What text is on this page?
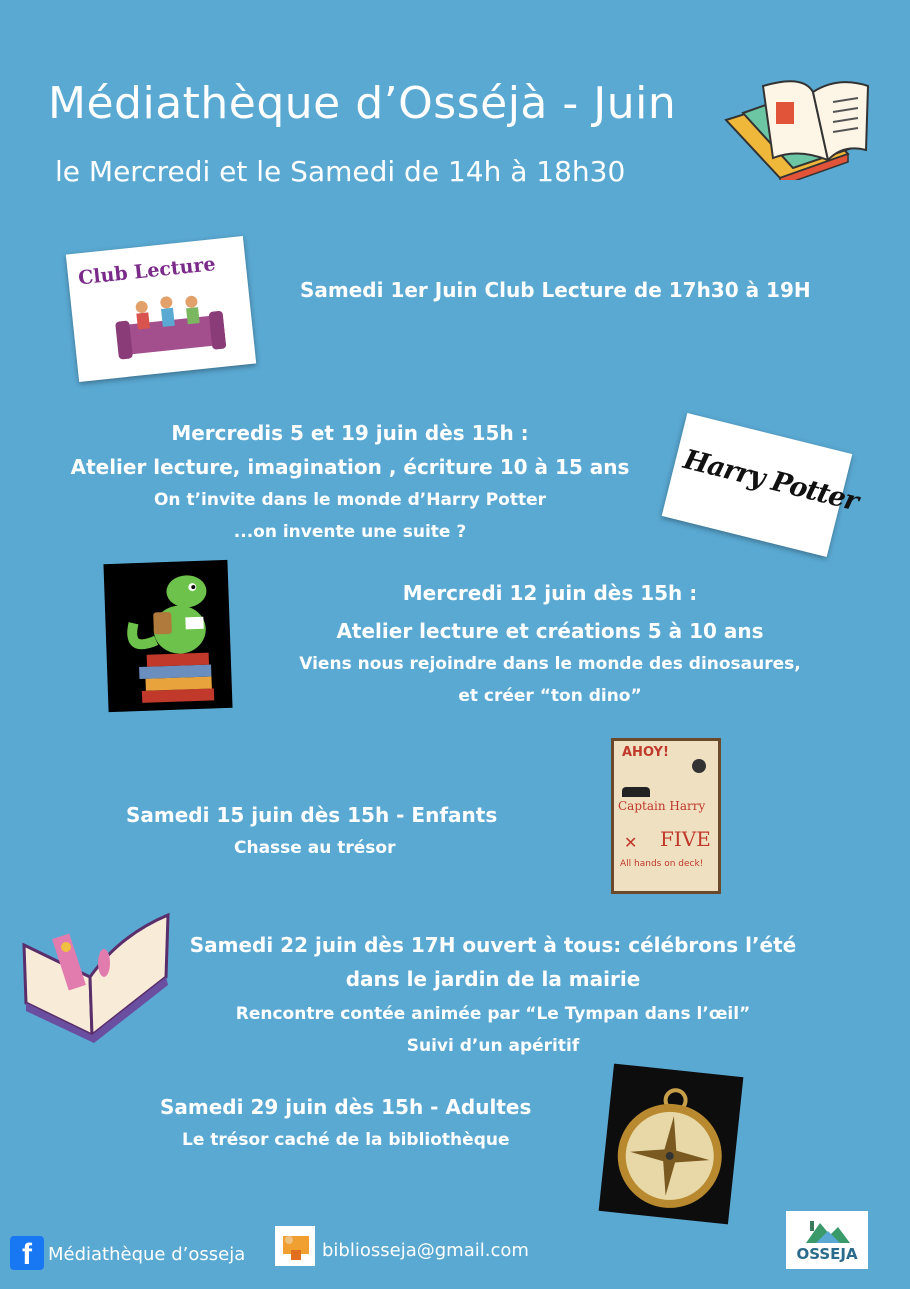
Médiathèque d’Osséjà - Juin
le Mercredi et le Samedi de 14h à 18h30
Club Lecture
Samedi 1er Juin Club Lecture de 17h30 à 19H
Mercredis 5 et 19 juin dès 15h :
Atelier lecture, imagination , écriture 10 à 15 ans
On t’invite dans le monde d’Harry Potter
...on invente une suite ?
Harry Potter
Mercredi 12 juin dès 15h :
Atelier lecture et créations 5 à 10 ans
Viens nous rejoindre dans le monde des dinosaures,
et créer “ton dino”
AHOY!
Captain Harry
FIVE
✕
All hands on deck!
Samedi 15 juin dès 15h - Enfants
Chasse au trésor
Samedi 22 juin dès 17H ouvert à tous: célébrons l’été
dans le jardin de la mairie
Rencontre contée animée par “Le Tympan dans l’œil”
Suivi d’un apéritif
Samedi 29 juin dès 15h - Adultes
Le trésor caché de la bibliothèque
f Médiathèque d’osseja	bibliosseja@gmail.com	OSSEJA
